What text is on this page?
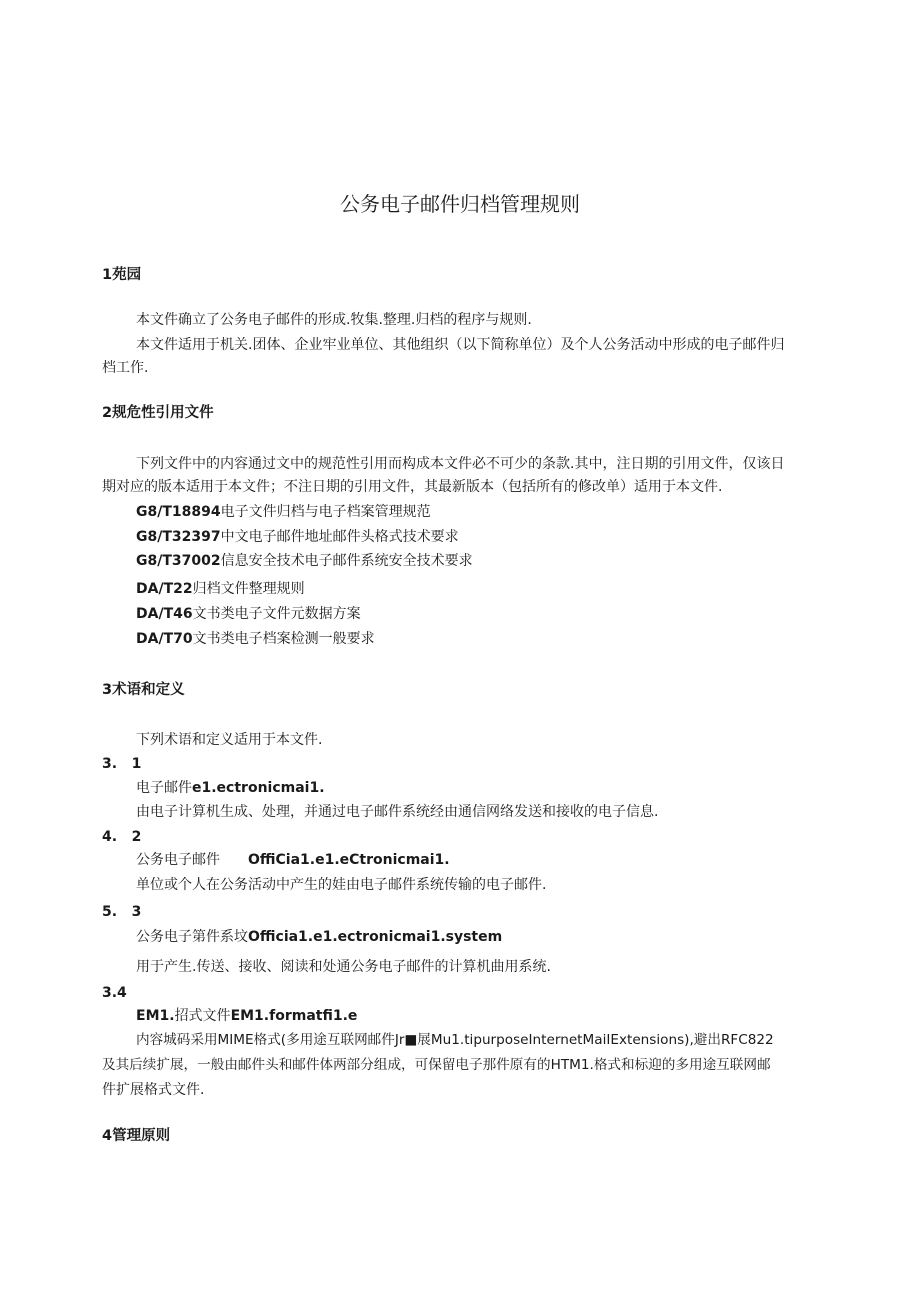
公务电子邮件归档管理规则
1苑园
本文件确立了公务电子邮件的形成.牧集.整理.归档的程序与规则.
本文件适用于机关.团体、企业牢业单位、其他组织（以下简称单位）及个人公务活动中形成的电子邮件归
档工作.
2规危性引用文件
下列文件中的内容通过文中的规范性引用而构成本文件必不可少的条款.其中，注日期的引用文件，仅该日
期对应的版本适用于本文件；不注日期的引用文件，其最新版本（包括所有的修改单）适用于本文件.
G8/T18894电子文件归档与电子档案管理规范
G8/T32397中文电子邮件地址邮件头格式技术要求
G8/T37002信息安全技术电子邮件系统安全技术要求
DA/T22归档文件整理规则
DA/T46文书类电子文件元数据方案
DA/T70文书类电子档案检测一般要求
3术语和定义
下列术语和定义适用于本文件.
3.   1
电子邮件e1.ectronicmai1.
由电子计算机生成、处理，并通过电子邮件系统经由通信网络发送和接收的电子信息.
4.   2
公务电子邮件 OffiCia1.e1.eCtronicmai1.
单位或个人在公务活动中产生的娃由电子邮件系统传输的电子邮件.
5.   3
公务电子第件系坟Officia1.e1.ectronicmai1.system
用于产生.传送、接收、阅读和处通公务电子邮件的计算机曲用系统.
3.4
EM1.招式文件EM1.formatfi1.e
内容城码采用MIME格式(多用途互联网邮件Jr■展Mu1.tipurposeInternetMaiIExtensions),避出RFC822
及其后续扩展，一般由邮件头和邮件体两部分组成，可保留电子那件原有的HTM1.格式和标迎的多用途互联网邮
件扩展格式文件.
4管理原则
